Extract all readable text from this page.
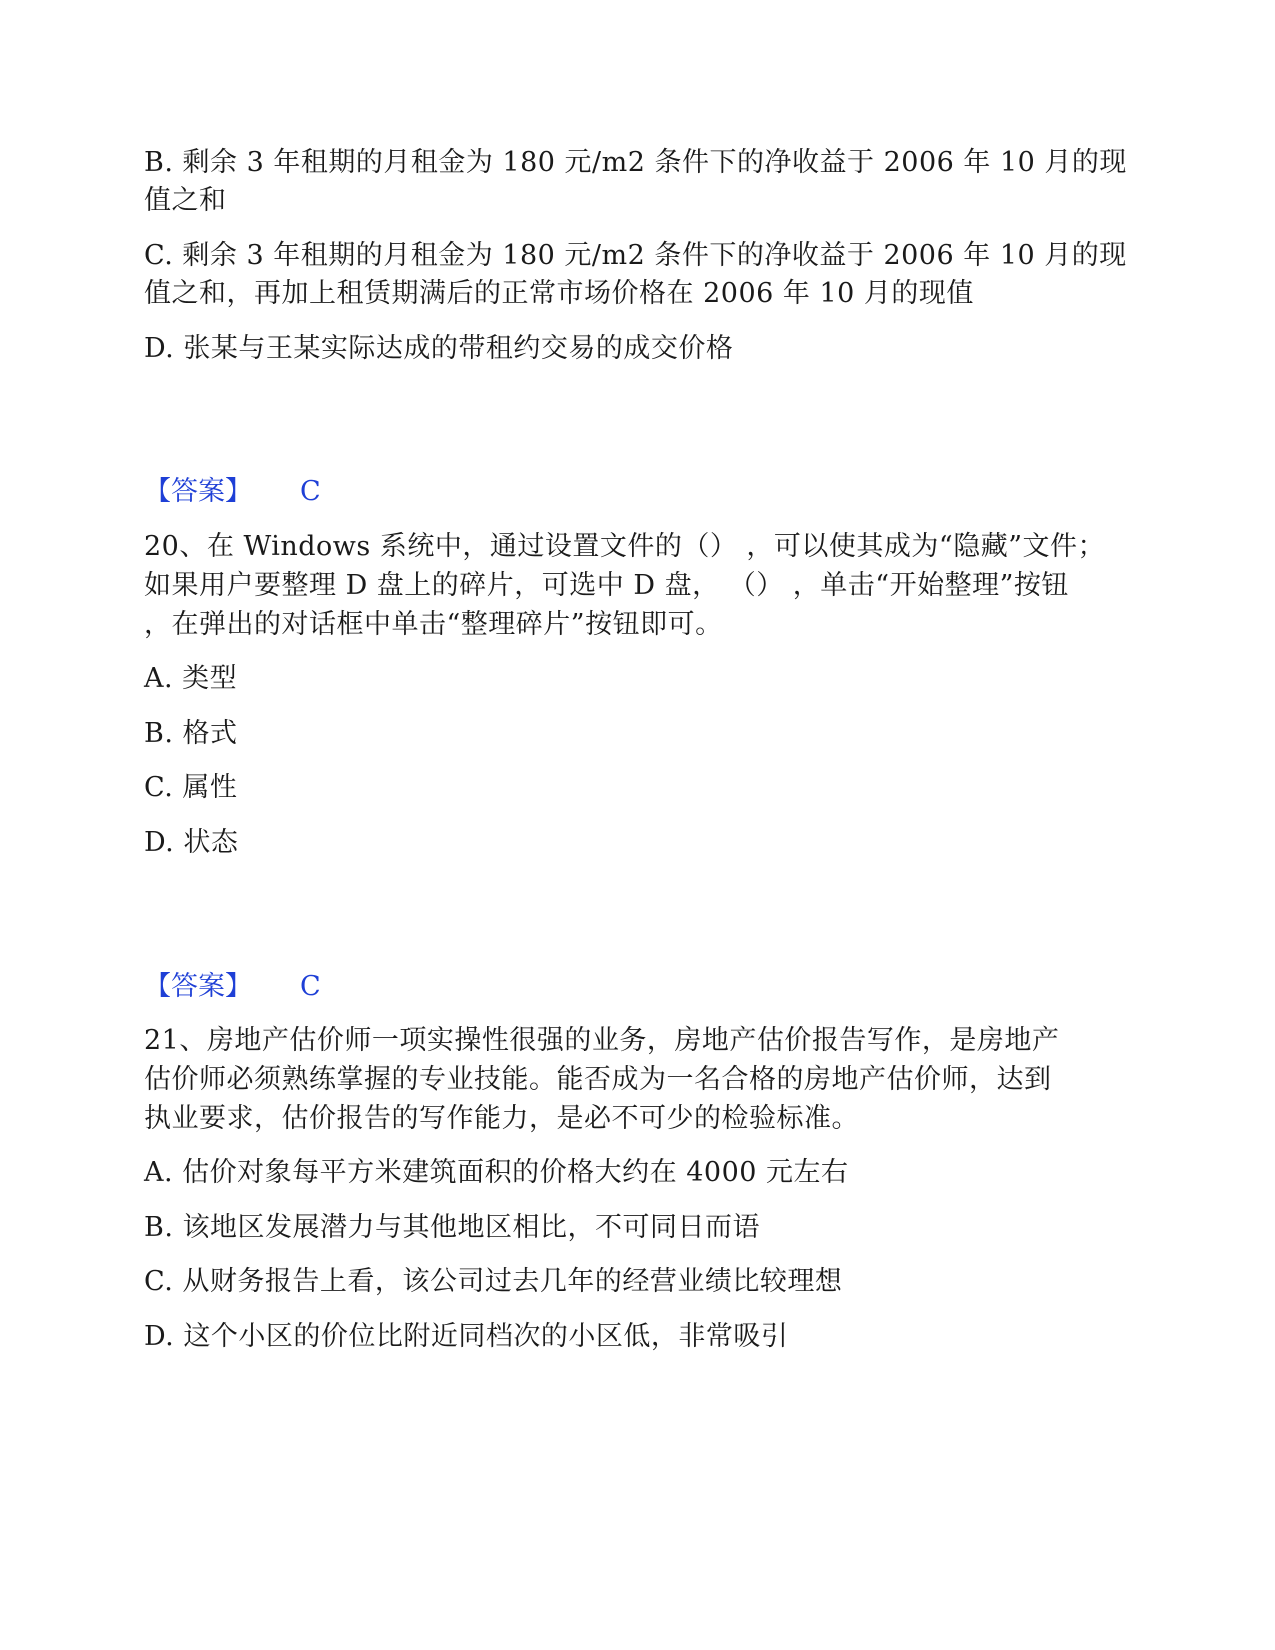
B. 剩余 3 年租期的月租金为 180 元/m2 条件下的净收益于 2006 年 10 月的现
值之和
C. 剩余 3 年租期的月租金为 180 元/m2 条件下的净收益于 2006 年 10 月的现
值之和，再加上租赁期满后的正常市场价格在 2006 年 10 月的现值
D. 张某与王某实际达成的带租约交易的成交价格
【答案】 C
20、在 Windows 系统中，通过设置文件的（） ，可以使其成为“隐藏”文件；
如果用户要整理 D 盘上的碎片，可选中 D 盘， （） ，单击“开始整理”按钮
，在弹出的对话框中单击“整理碎片”按钮即可。
A. 类型
B. 格式
C. 属性
D. 状态
【答案】 C
21、房地产估价师一项实操性很强的业务，房地产估价报告写作，是房地产
估价师必须熟练掌握的专业技能。能否成为一名合格的房地产估价师，达到
执业要求，估价报告的写作能力，是必不可少的检验标准。
A. 估价对象每平方米建筑面积的价格大约在 4000 元左右
B. 该地区发展潜力与其他地区相比，不可同日而语
C. 从财务报告上看，该公司过去几年的经营业绩比较理想
D. 这个小区的价位比附近同档次的小区低，非常吸引
